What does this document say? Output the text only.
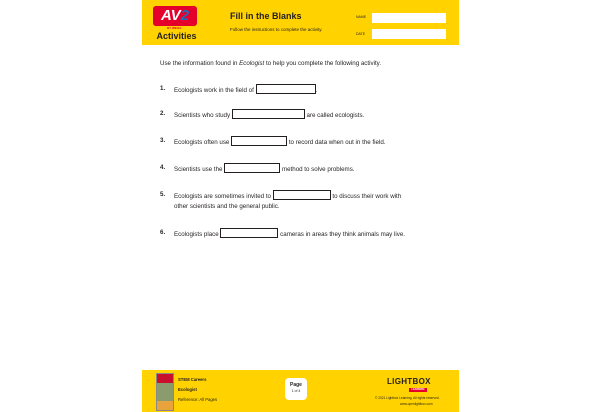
AV2
BY WEIGL
Activities
Fill in the Blanks
Follow the instructions to complete the activity.
NAME
DATE
Use the information found in Ecologist to help you complete the following activity.
1. Ecologists work in the field of	.
2. Scientists who study	are called ecologists.
3. Ecologists often use	to record data when out in the field.
4. Scientists use the	method to solve problems.
5. Ecologists are sometimes invited to	to discuss their work with
other scientists and the general public.
6. Ecologists place	cameras in areas they think animals may live.
STEM Careers
Ecologist
Reference: All Pages
Page
1 of 4
LIGHTBOX
LEARNING
© 2021 Lightbox Learning. All rights reserved.
www.openlightbox.com
